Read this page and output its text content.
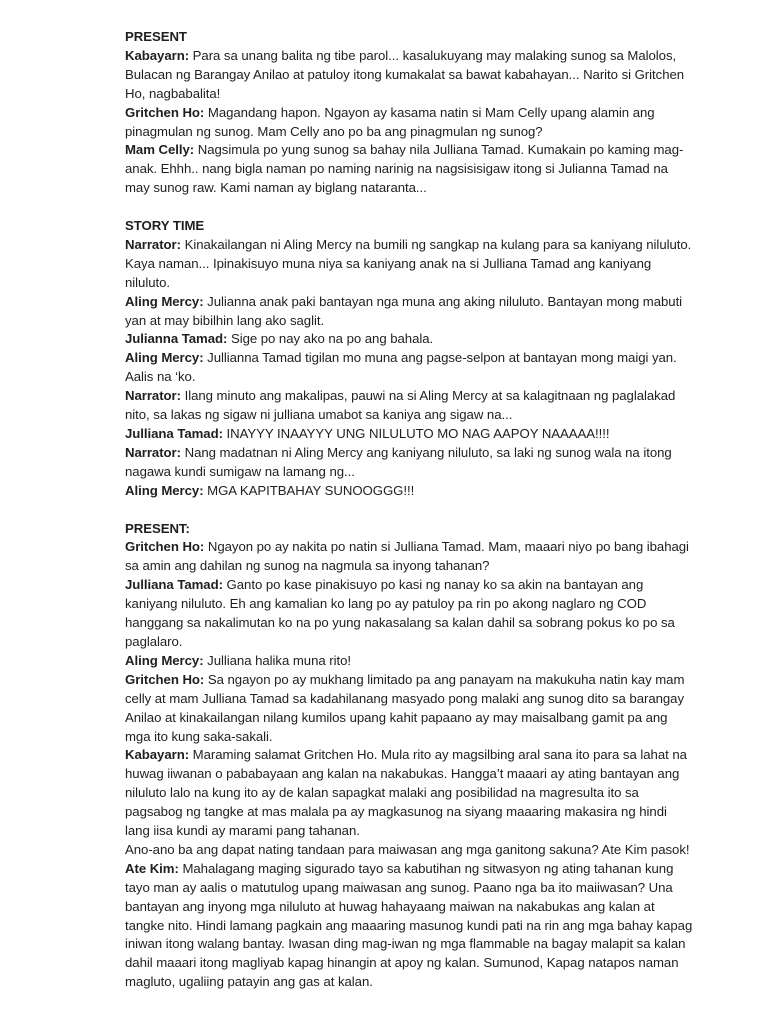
PRESENT

Kabayarn: Para sa unang balita ng tibe parol... kasalukuyang may malaking sunog sa Malolos, Bulacan ng Barangay Anilao at patuloy itong kumakalat sa bawat kabahayan... Narito si Gritchen Ho, nagbabalita!

Gritchen Ho: Magandang hapon. Ngayon ay kasama natin si Mam Celly upang alamin ang pinagmulan ng sunog. Mam Celly ano po ba ang pinagmulan ng sunog?

Mam Celly: Nagsimula po yung sunog sa bahay nila Julliana Tamad. Kumakain po kaming mag-anak. Ehhh.. nang bigla naman po naming narinig na nagsisisigaw itong si Julianna Tamad na may sunog raw. Kami naman ay biglang nataranta...

STORY TIME

Narrator: Kinakailangan ni Aling Mercy na bumili ng sangkap na kulang para sa kaniyang niluluto. Kaya naman... Ipinakisuyo muna niya sa kaniyang anak na si Julliana Tamad ang kaniyang niluluto.

Aling Mercy: Julianna anak paki bantayan nga muna ang aking niluluto. Bantayan mong mabuti yan at may bibilhin lang ako saglit.

Julianna Tamad: Sige po nay ako na po ang bahala.

Aling Mercy: Jullianna Tamad tigilan mo muna ang pagse-selpon at bantayan mong maigi yan. Aalis na ‘ko.

Narrator: Ilang minuto ang makalipas, pauwi na si Aling Mercy at sa kalagitnaan ng paglalakad nito, sa lakas ng sigaw ni julliana umabot sa kaniya ang sigaw na...

Julliana Tamad: INAYYY INAAYYY UNG NILULUTO MO NAG AAPOY NAAAAA!!!!

Narrator: Nang madatnan ni Aling Mercy ang kaniyang niluluto, sa laki ng sunog wala na itong nagawa kundi sumigaw na lamang ng...

Aling Mercy: MGA KAPITBAHAY SUNOOGGG!!!

PRESENT:

Gritchen Ho: Ngayon po ay nakita po natin si Julliana Tamad. Mam, maaari niyo po bang ibahagi sa amin ang dahilan ng sunog na nagmula sa inyong tahanan?

Julliana Tamad: Ganto po kase pinakisuyo po kasi ng nanay ko sa akin na bantayan ang kaniyang niluluto. Eh ang kamalian ko lang po ay patuloy pa rin po akong naglaro ng COD hanggang sa nakalimutan ko na po yung nakasalang sa kalan dahil sa sobrang pokus ko po sa paglalaro.

Aling Mercy: Julliana halika muna rito!

Gritchen Ho: Sa ngayon po ay mukhang limitado pa ang panayam na makukuha natin kay mam celly at mam Julliana Tamad sa kadahilanang masyado pong malaki ang sunog dito sa barangay Anilao at kinakailangan nilang kumilos upang kahit papaano ay may maisalbang gamit pa ang mga ito kung saka-sakali.

Kabayarn: Maraming salamat Gritchen Ho. Mula rito ay magsilbing aral sana ito para sa lahat na huwag iiwanan o pababayaan ang kalan na nakabukas. Hangga’t maaari ay ating bantayan ang niluluto lalo na kung ito ay de kalan sapagkat malaki ang posibilidad na magresulta ito sa pagsabog ng tangke at mas malala pa ay magkasunog na siyang maaaring makasira ng hindi lang iisa kundi ay marami pang tahanan.

Ano-ano ba ang dapat nating tandaan para maiwasan ang mga ganitong sakuna? Ate Kim pasok!

Ate Kim: Mahalagang maging sigurado tayo sa kabutihan ng sitwasyon ng ating tahanan kung tayo man ay aalis o matutulog upang maiwasan ang sunog. Paano nga ba ito maiiwasan? Una bantayan ang inyong mga niluluto at huwag hahayaang maiwan na nakabukas ang kalan at tangke nito. Hindi lamang pagkain ang maaaring masunog kundi pati na rin ang mga bahay kapag iniwan itong walang bantay. Iwasan ding mag-iwan ng mga flammable na bagay malapit sa kalan dahil maaari itong magliyab kapag hinangin at apoy ng kalan. Sumunod, Kapag natapos naman magluto, ugaliing patayin ang gas at kalan.
